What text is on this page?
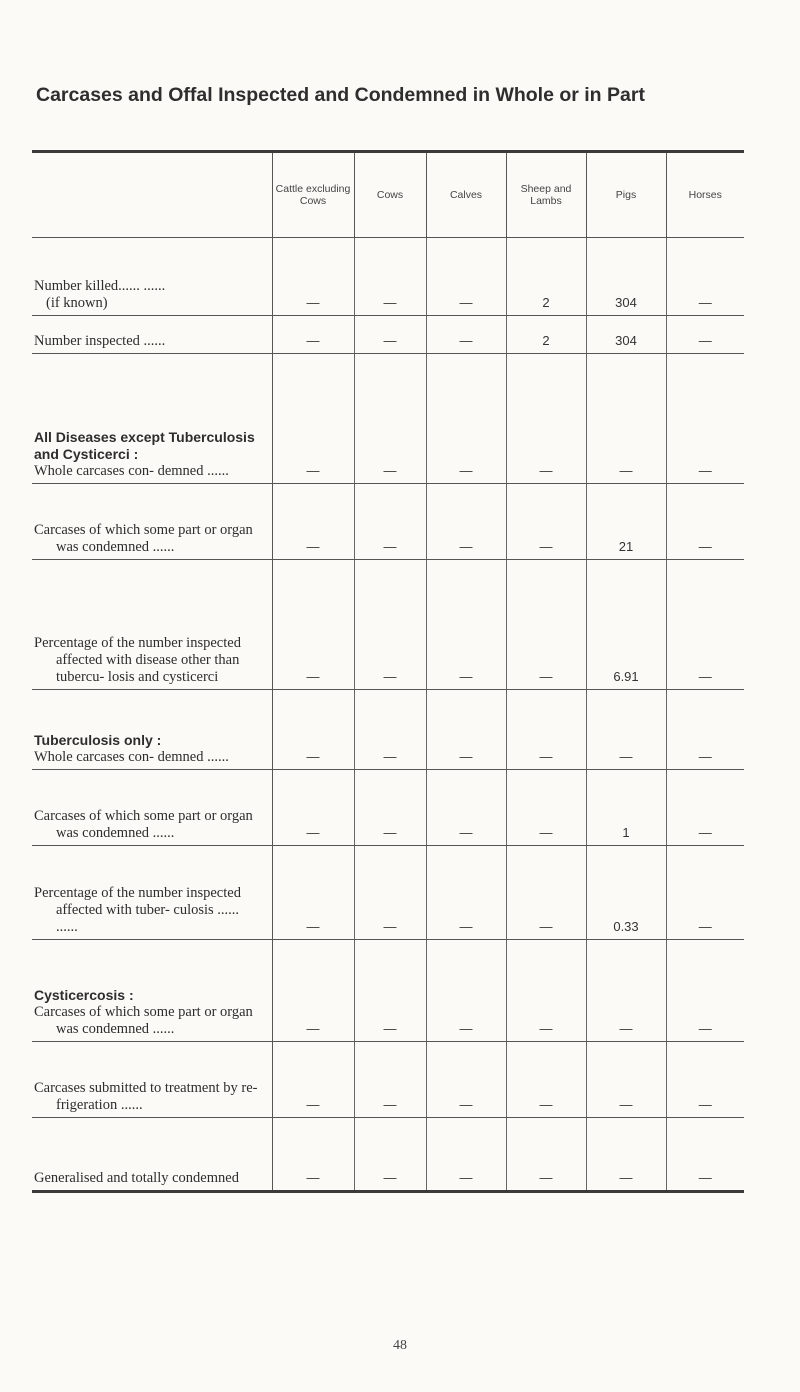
Carcases and Offal Inspected and Condemned in Whole or in Part
	Cattle excluding Cows	Cows	Calves	Sheep and Lambs	Pigs	Horses

Number killed...... ......
(if known)	—	—	—	2	304	—

Number inspected ......	—	—	—	2	304	—

All Diseases except Tuberculosis and Cysticerci :
Whole carcases con- demned ......	—	—	—	—	—	—

Carcases of which some part or organ was condemned ......	—	—	—	—	21	—

Percentage of the number inspected affected with disease other than tubercu- losis and cysticerci	—	—	—	—	6.91	—

Tuberculosis only :
Whole carcases con- demned ......	—	—	—	—	—	—

Carcases of which some part or organ was condemned ......	—	—	—	—	1	—

Percentage of the number inspected affected with tuber- culosis ...... ......	—	—	—	—	0.33	—

Cysticercosis :
Carcases of which some part or organ was condemned ......	—	—	—	—	—	—

Carcases submitted to treatment by re- frigeration ......	—	—	—	—	—	—

Generalised and totally condemned	—	—	—	—	—	—
48
